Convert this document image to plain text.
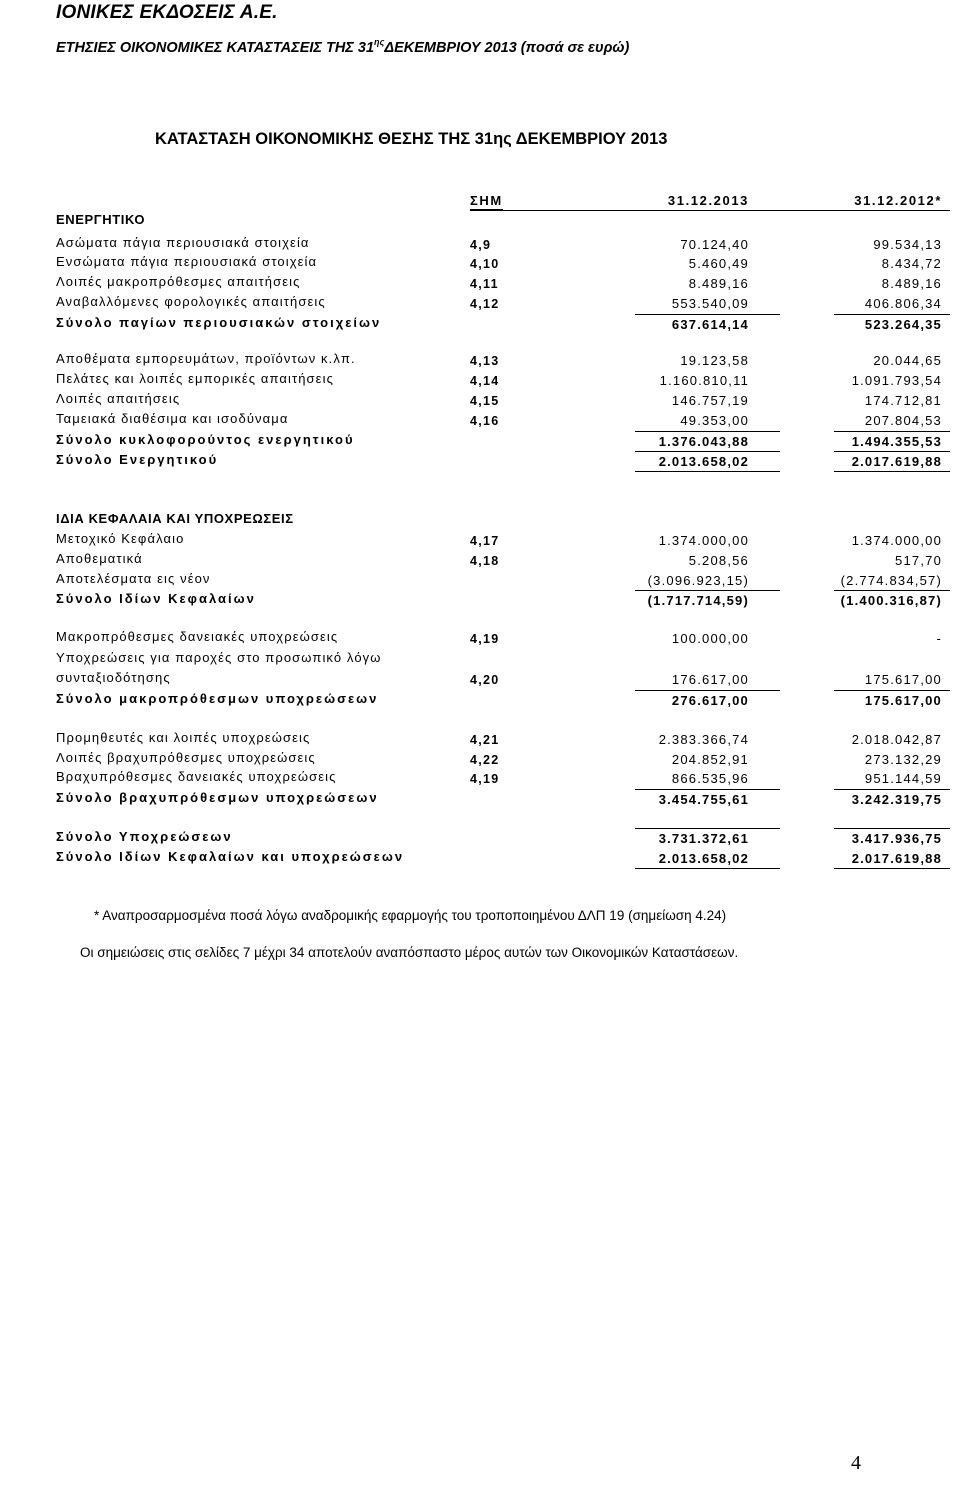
ΙΟΝΙΚΕΣ ΕΚΔΟΣΕΙΣ Α.Ε.
ΕΤΗΣΙΕΣ ΟΙΚΟΝΟΜΙΚΕΣ ΚΑΤΑΣΤΑΣΕΙΣ ΤΗΣ $31^{\eta\varsigma}\Delta EKEMBPIO\Upsilon$ 2013 (ποσά σε ευρώ)
ΚΑΤΑΣΤΑΣΗ ΟΙΚΟΝΟΜΙΚΗΣ ΘΕΣΗΣ ΤΗΣ 31ης ΔΕΚΕΜΒΡΙΟΥ 2013
ΣΗΜ	31.12.2013	31.12.2012*
ΕΝΕΡΓΗΤΙΚΟ
Ασώματα πάγια περιουσιακά στοιχεία	4,9	70.124,40	99.534,13
Ενσώματα πάγια περιουσιακά στοιχεία	4,10	5.460,49	8.434,72
Λοιπές μακροπρόθεσμες απαιτήσεις	4,11	8.489,16	8.489,16
Αναβαλλόμενες φορολογικές απαιτήσεις	4,12	553.540,09	406.806,34
Σύνολο παγίων περιουσιακών στοιχείων	637.614,14	523.264,35
Αποθέματα εμπορευμάτων, προϊόντων κ.λπ.	4,13	19.123,58	20.044,65
Πελάτες και λοιπές εμπορικές απαιτήσεις	4,14	1.160.810,11	1.091.793,54
Λοιπές απαιτήσεις	4,15	146.757,19	174.712,81
Ταμειακά διαθέσιμα και ισοδύναμα	4,16	49.353,00	207.804,53
Σύνολο κυκλοφορούντος ενεργητικού	1.376.043,88	1.494.355,53
Σύνολο Ενεργητικού	2.013.658,02	2.017.619,88
ΙΔΙΑ ΚΕΦΑΛΑΙΑ ΚΑΙ ΥΠΟΧΡΕΩΣΕΙΣ
Μετοχικό Κεφάλαιο	4,17	1.374.000,00	1.374.000,00
Αποθεματικά	4,18	5.208,56	517,70
Αποτελέσματα εις νέον	(3.096.923,15)	(2.774.834,57)
Σύνολο Ιδίων Κεφαλαίων	(1.717.714,59)	(1.400.316,87)
Μακροπρόθεσμες δανειακές υποχρεώσεις	4,19	100.000,00	-
Υποχρεώσεις για παροχές στο προσωπικό λόγω
συνταξιοδότησης	4,20	176.617,00	175.617,00
Σύνολο μακροπρόθεσμων υποχρεώσεων	276.617,00	175.617,00
Προμηθευτές και λοιπές υποχρεώσεις	4,21	2.383.366,74	2.018.042,87
Λοιπές βραχυπρόθεσμες υποχρεώσεις	4,22	204.852,91	273.132,29
Βραχυπρόθεσμες δανειακές υποχρεώσεις	4,19	866.535,96	951.144,59
Σύνολο βραχυπρόθεσμων υποχρεώσεων	3.454.755,61	3.242.319,75
Σύνολο Υποχρεώσεων	3.731.372,61	3.417.936,75
Σύνολο Ιδίων Κεφαλαίων και υποχρεώσεων	2.013.658,02	2.017.619,88
* Αναπροσαρμοσμένα ποσά λόγω αναδρομικής εφαρμογής του τροποποιημένου ΔΛΠ 19 (σημείωση 4.24)
Οι σημειώσεις στις σελίδες 7 μέχρι 34 αποτελούν αναπόσπαστο μέρος αυτών των Οικονομικών Καταστάσεων.
4
